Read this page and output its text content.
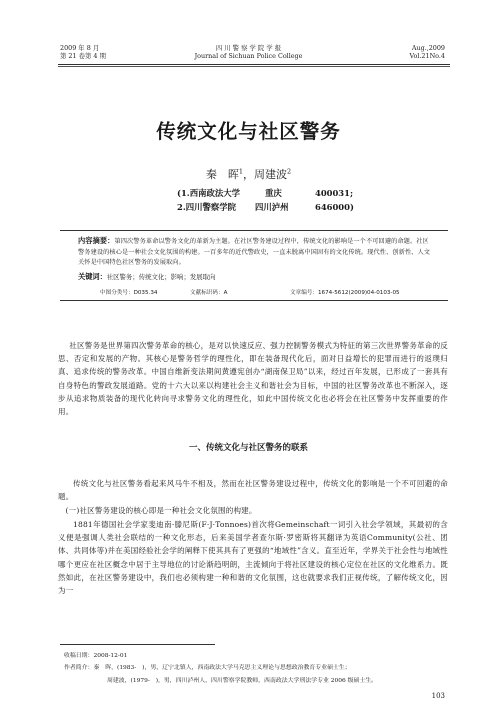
2009 年 8 月
第 21 卷第 4 期
四 川 警 察 学 院 学 报
Journal of Sichuan Police College
Aug.,2009
Vol.21No.4
传统文化与社区警务
秦　晖$^1$，周建波$^2$
(1.西南政法大学	重庆	400031;
2.四川警察学院 四川泸州	646000)
内容摘要：第四次警务革命以警务文化的革新为主题。在社区警务建设过程中，传统文化的影响是一个不可回避的命题。社区警务建设的核心是一种社会文化氛围的构建。一百多年的近代警政史，一直未脱离中国固有的文化传统。现代性、创新性、人文关怀是中国特色社区警务的发展取向。
关键词：社区警务；传统文化；影响；发展取向
中图分类号：D035.34	文献标识码：A	文章编号：1674-5612(2009)04-0103-05
社区警务是世界第四次警务革命的核心，是对以快速反应、强力控制警务模式为特征的第三次世界警务革命的反思、否定和发展的产物。其核心是警务哲学的理性化，即在装备现代化后，面对日益增长的犯罪而进行的返璞归真、追求传统的警务改革。中国自维新变法期间黄遵宪创办“湖南保卫局”以来，经过百年发展，已形成了一套具有自身特色的警政发展道路。党的十六大以来以构建社会主义和谐社会为目标，中国的社区警务改革也不断深入，逐步从追求物质装备的现代化转向寻求警务文化的理性化，如此中国传统文化也必将会在社区警务中发挥重要的作用。
一、传统文化与社区警务的联系
传统文化与社区警务看起来风马牛不相及，然而在社区警务建设过程中，传统文化的影响是一个不可回避的命题。
(一)社区警务建设的核心即是一种社会文化氛围的构建。
1881年德国社会学家斐迪南·滕尼斯(F·J·Tonnoes)首次将Gemeinschaft一词引入社会学领域，其最初的含义便是强调人类社会联结的一种文化形态，后来美国学者查尔斯·罗密斯将其翻译为英语Community(公社、团体、共同体等)并在美国经验社会学的阐释下使其具有了更强的“地域性”含义。直至近年，学界关于社会性与地域性哪个更应在社区概念中居于主导地位的讨论渐趋明朗，主流倾向于将社区建设的核心定位在社区的文化维系力。既然如此，在社区警务建设中，我们也必须构建一种和谐的文化氛围，这也就要求我们正视传统，了解传统文化，因为一
收稿日期：2008-12-01
作者简介：秦　晖，(1983-　)，男，辽宁北镇人，西南政法大学马克思主义理论与思想政治教育专业硕士生；
周建波，(1979-　)，男，四川泸州人，四川警察学院教师，西南政法大学刑法学专业 2006 级硕士生。
103
